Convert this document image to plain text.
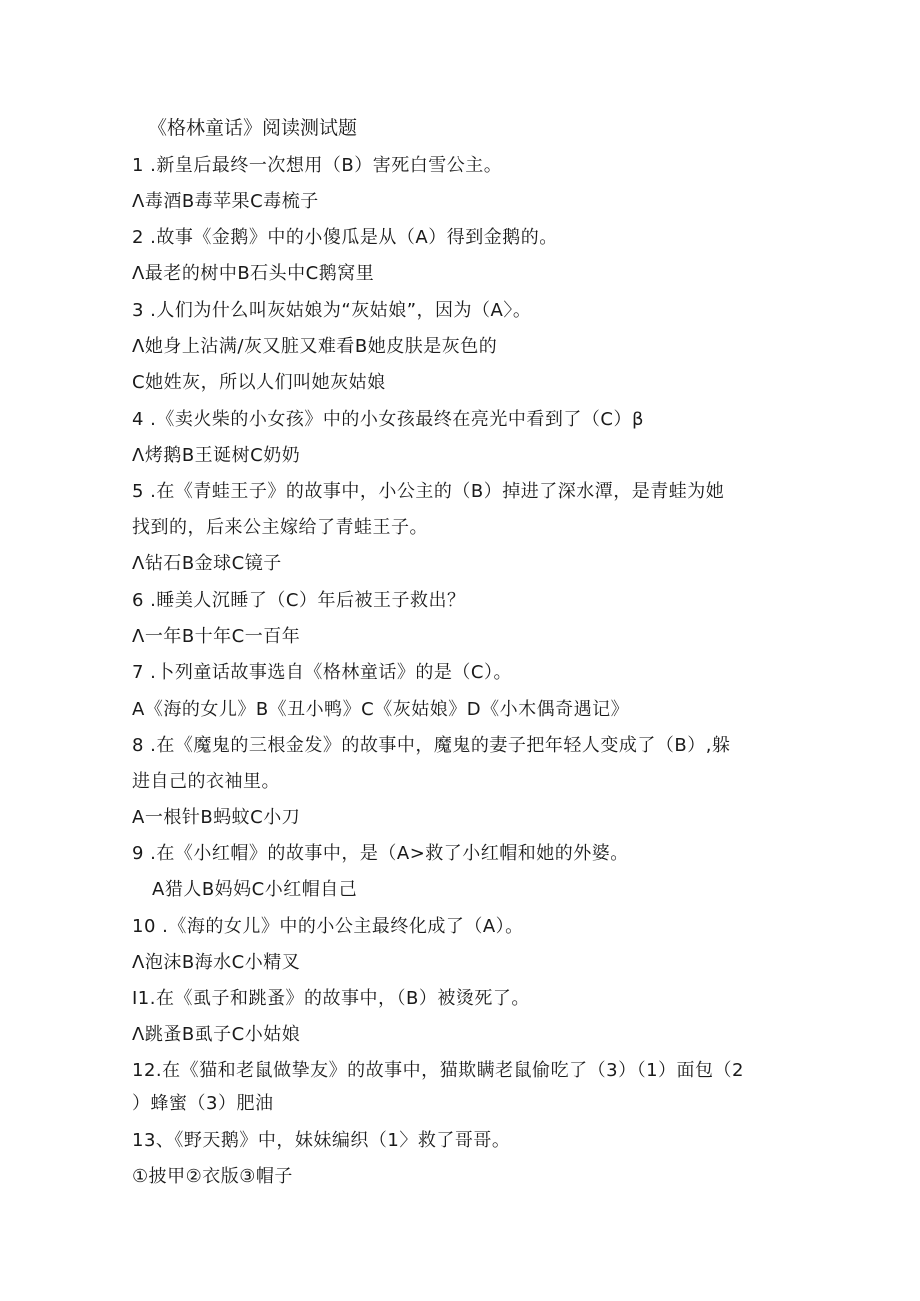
《格林童话》阅读测试题
1 .新皇后最终一次想用（B）害死白雪公主。
Λ毒酒B毒苹果C毒梳子
2 .故事《金鹅》中的小傻瓜是从（A）得到金鹅的。
Λ最老的树中B石头中C鹅窝里
3 .人们为什么叫灰姑娘为“灰姑娘”，因为（A〉。
Λ她身上沾满/灰又脏又难看B她皮肤是灰色的
C她姓灰，所以人们叫她灰姑娘
4 .《卖火柴的小女孩》中的小女孩最终在亮光中看到了（C）β
Λ烤鹅B王诞树C奶奶
5 .在《青蛙王子》的故事中，小公主的（B）掉进了深水潭，是青蛙为她
找到的，后来公主嫁给了青蛙王子。
Λ钻石B金球C镜子
6 .睡美人沉睡了（C）年后被王子救出？
Λ一年B十年C一百年
7 .卜列童话故事选自《格林童话》的是（C）。
A《海的女儿》B《丑小鸭》C《灰姑娘》D《小木偶奇遇记》
8 .在《魔鬼的三根金发》的故事中，魔鬼的妻子把年轻人变成了（B）,躲
进自己的衣袖里。
A一根针B蚂蚊C小刀
9 .在《小红帽》的故事中，是（A>救了小红帽和她的外婆。
A猎人B妈妈C小红帽自己
10 .《海的女儿》中的小公主最终化成了（A）。
Λ泡沫B海水C小精叉
I1.在《虱子和跳蚤》的故事中，（B）被烫死了。
Λ跳蚤B虱子C小姑娘
12.在《猫和老鼠做挚友》的故事中，猫欺瞒老鼠偷吃了（3）（1）面包（2
）蜂蜜（3）肥油
13、《野天鹅》中，妹妹编织（1〉救了哥哥。
①披甲②衣版③帽子
